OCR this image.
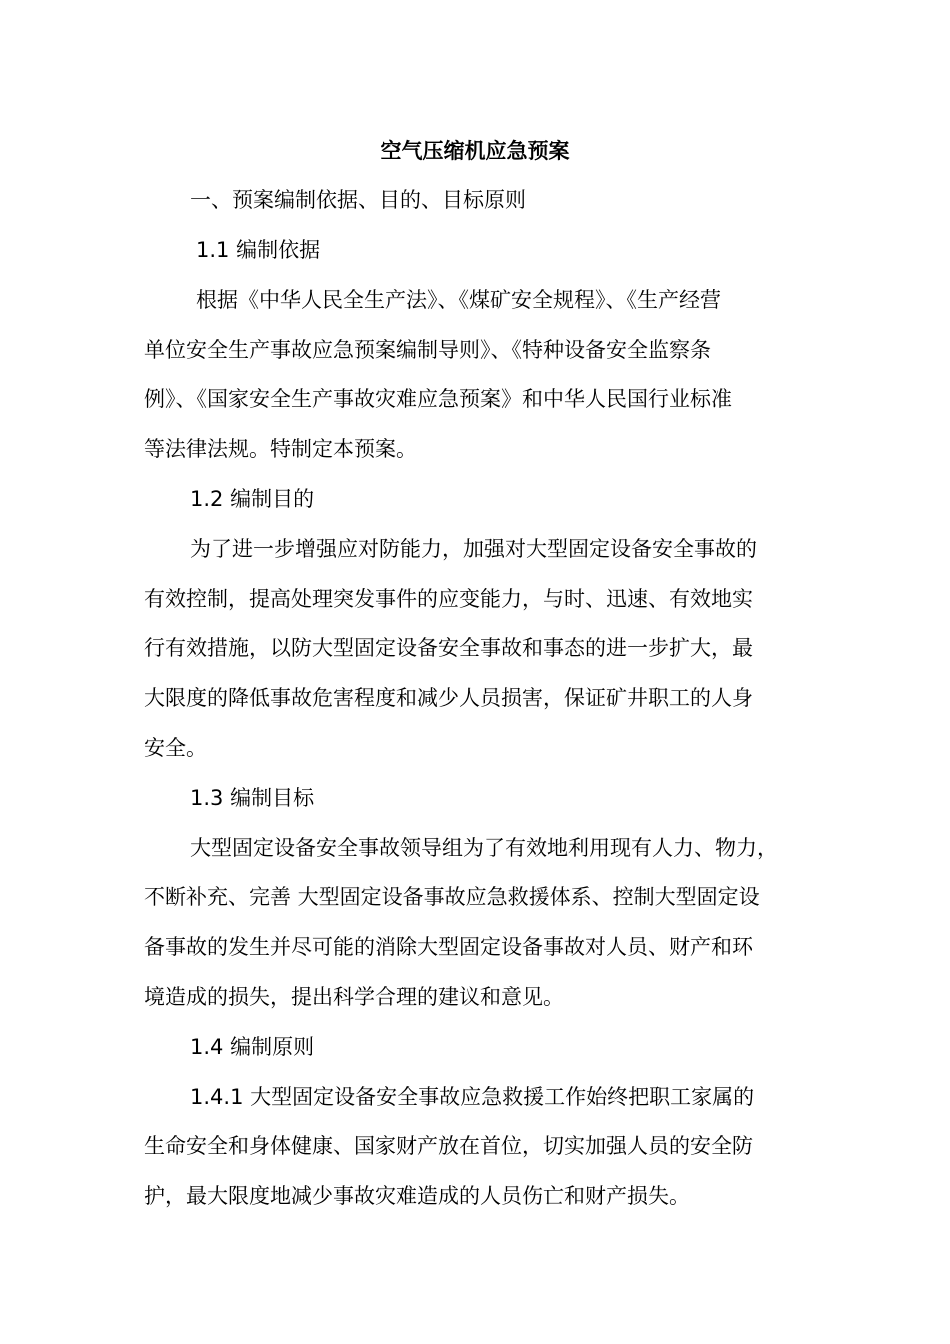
空气压缩机应急预案
一、预案编制依据、目的、目标原则
1.1 编制依据
根据《中华人民全生产法》、《煤矿安全规程》、《生产经营
单位安全生产事故应急预案编制导则》、《特种设备安全监察条
例》、《国家安全生产事故灾难应急预案》和中华人民国行业标准
等法律法规。特制定本预案。
1.2 编制目的
为了进一步增强应对防能力，加强对大型固定设备安全事故的
有效控制，提高处理突发事件的应变能力，与时、迅速、有效地实
行有效措施，以防大型固定设备安全事故和事态的进一步扩大，最
大限度的降低事故危害程度和减少人员损害，保证矿井职工的人身
安全。
1.3 编制目标
大型固定设备安全事故领导组为了有效地利用现有人力、物力，
不断补充、完善 大型固定设备事故应急救援体系、控制大型固定设
备事故的发生并尽可能的消除大型固定设备事故对人员、财产和环
境造成的损失，提出科学合理的建议和意见。
1.4 编制原则
1.4.1 大型固定设备安全事故应急救援工作始终把职工家属的
生命安全和身体健康、国家财产放在首位，切实加强人员的安全防
护，最大限度地减少事故灾难造成的人员伤亡和财产损失。
